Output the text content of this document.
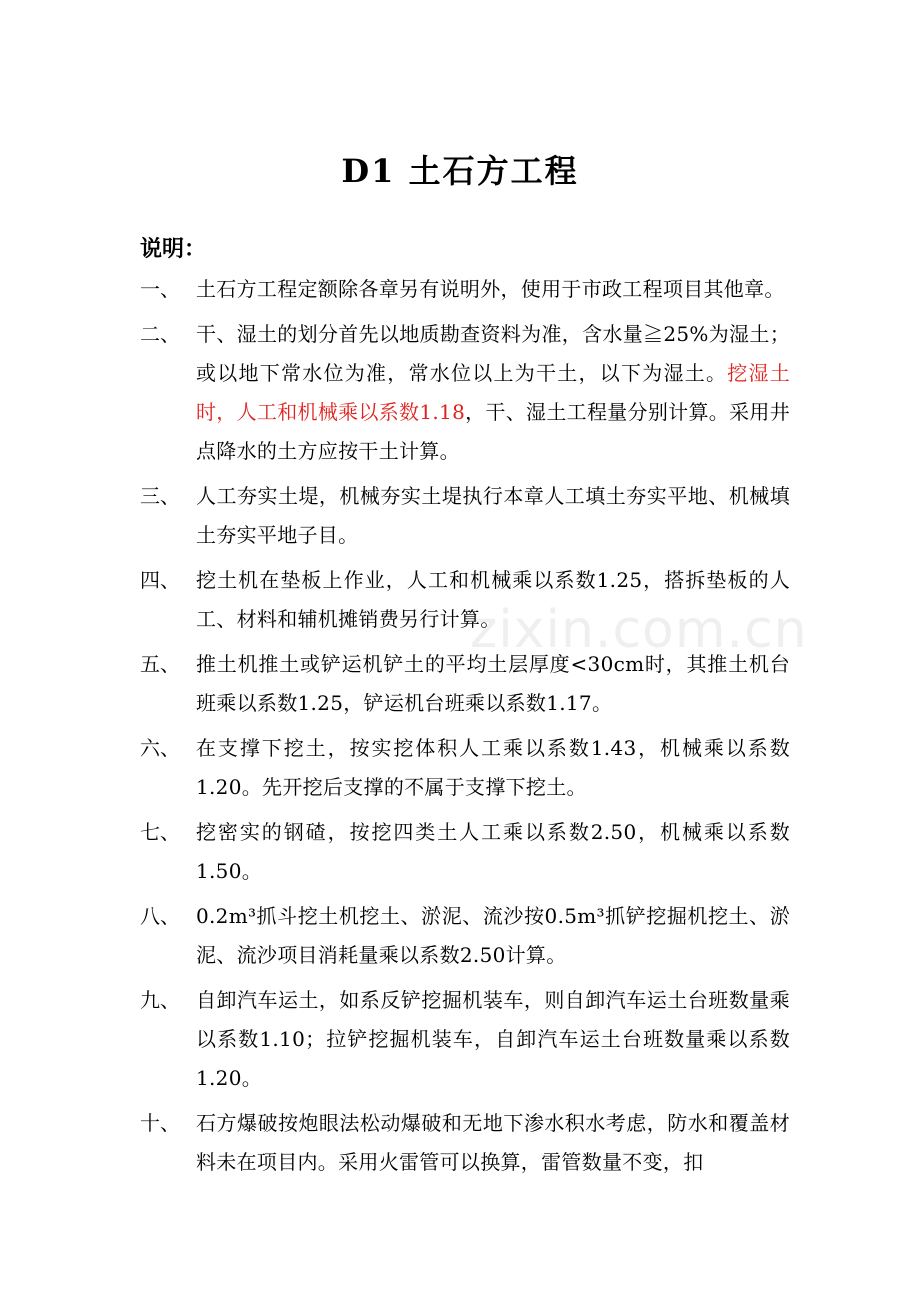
zixin.com.cn
D1 土石方工程
说明：
一、 土石方工程定额除各章另有说明外，使用于市政工程项目其他章。
二、 干、湿土的划分首先以地质勘查资料为准，含水量≧25%为湿土；或以地下常水位为准，常水位以上为干土，以下为湿土。挖湿土时，人工和机械乘以系数1.18，干、湿土工程量分别计算。采用井点降水的土方应按干土计算。
三、 人工夯实土堤，机械夯实土堤执行本章人工填土夯实平地、机械填土夯实平地子目。
四、 挖土机在垫板上作业，人工和机械乘以系数1.25，搭拆垫板的人工、材料和辅机摊销费另行计算。
五、 推土机推土或铲运机铲土的平均土层厚度<30cm时，其推土机台班乘以系数1.25，铲运机台班乘以系数1.17。
六、 在支撑下挖土，按实挖体积人工乘以系数1.43，机械乘以系数1.20。先开挖后支撑的不属于支撑下挖土。
七、 挖密实的钢碴，按挖四类土人工乘以系数2.50，机械乘以系数1.50。
八、 0.2m³抓斗挖土机挖土、淤泥、流沙按0.5m³抓铲挖掘机挖土、淤泥、流沙项目消耗量乘以系数2.50计算。
九、 自卸汽车运土，如系反铲挖掘机装车，则自卸汽车运土台班数量乘以系数1.10；拉铲挖掘机装车，自卸汽车运土台班数量乘以系数1.20。
十、 石方爆破按炮眼法松动爆破和无地下渗水积水考虑，防水和覆盖材料未在项目内。采用火雷管可以换算，雷管数量不变，扣
